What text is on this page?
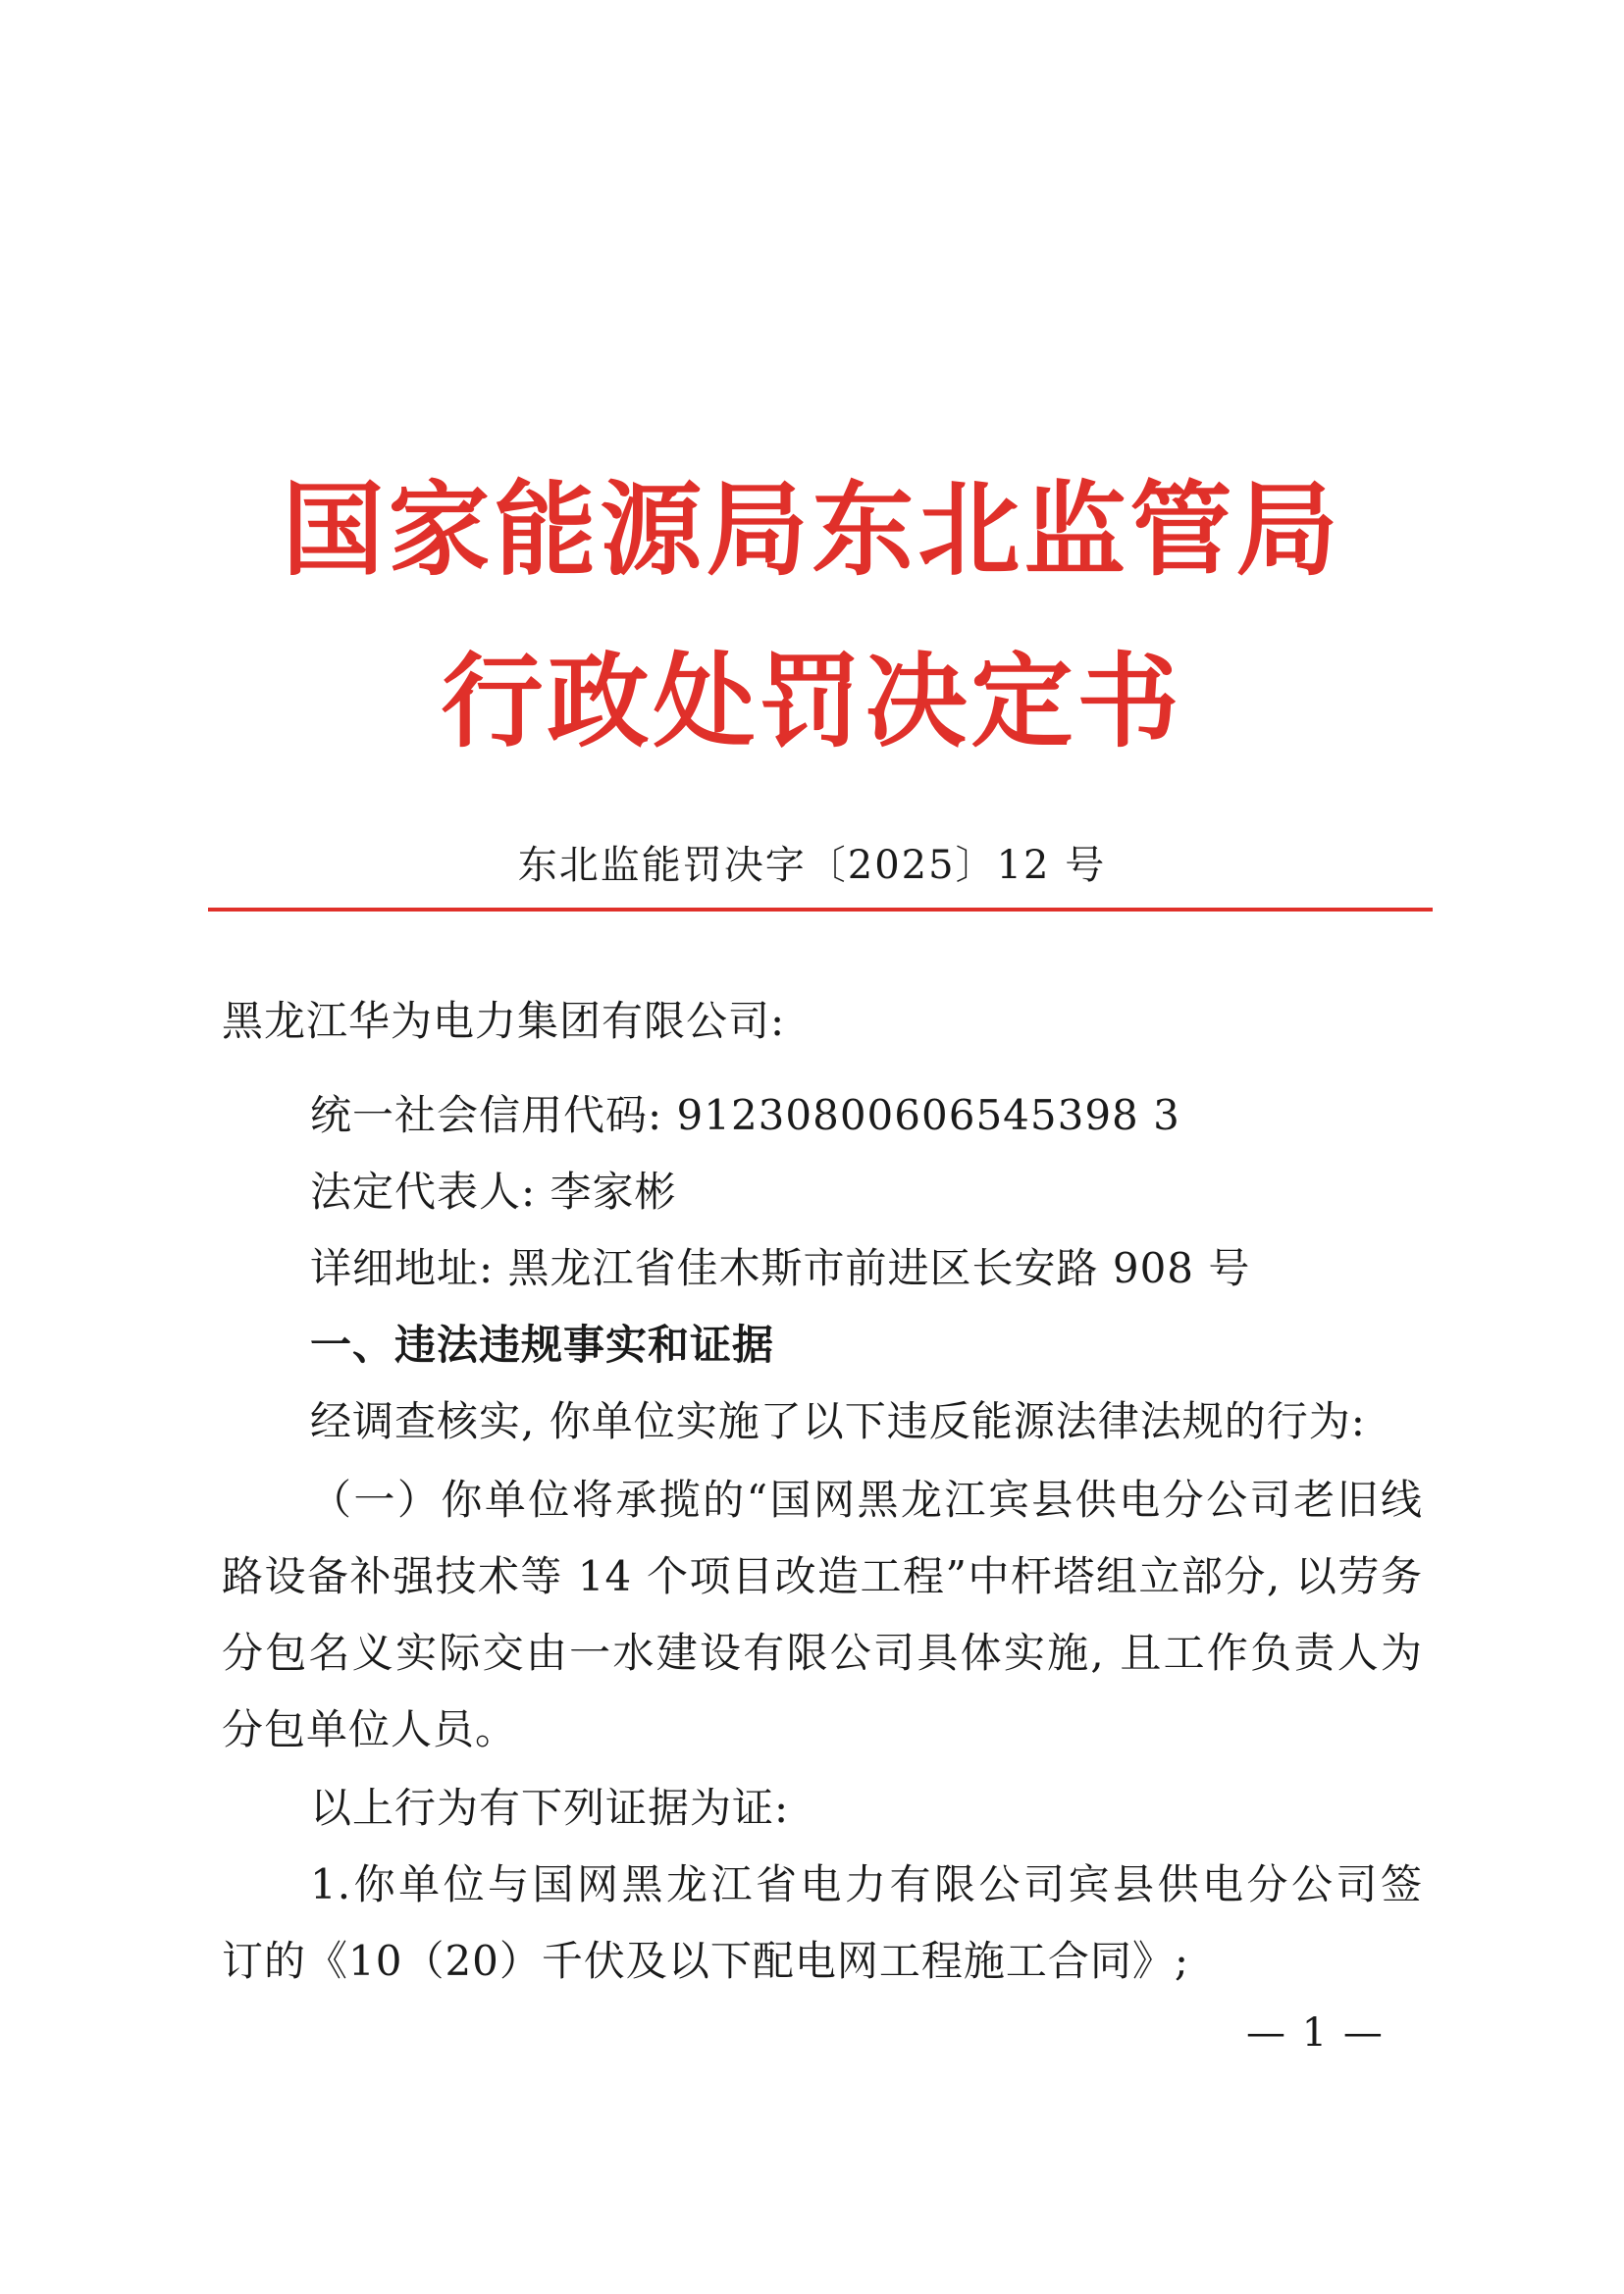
国家能源局东北监管局
行政处罚决定书
东北监能罚决字〔2025〕12 号
黑龙江华为电力集团有限公司:
统一社会信用代码: 91230800606545398 3
法定代表人: 李家彬
详细地址: 黑龙江省佳木斯市前进区长安路 908 号
一、违法违规事实和证据
经调查核实, 你单位实施了以下违反能源法律法规的行为:
（一）你单位将承揽的“国网黑龙江宾县供电分公司老旧线
路设备补强技术等 14 个项目改造工程”中杆塔组立部分, 以劳务
分包名义实际交由一水建设有限公司具体实施, 且工作负责人为
分包单位人员。
以上行为有下列证据为证:
1.你单位与国网黑龙江省电力有限公司宾县供电分公司签
订的《10（20）千伏及以下配电网工程施工合同》;
— 1 —
